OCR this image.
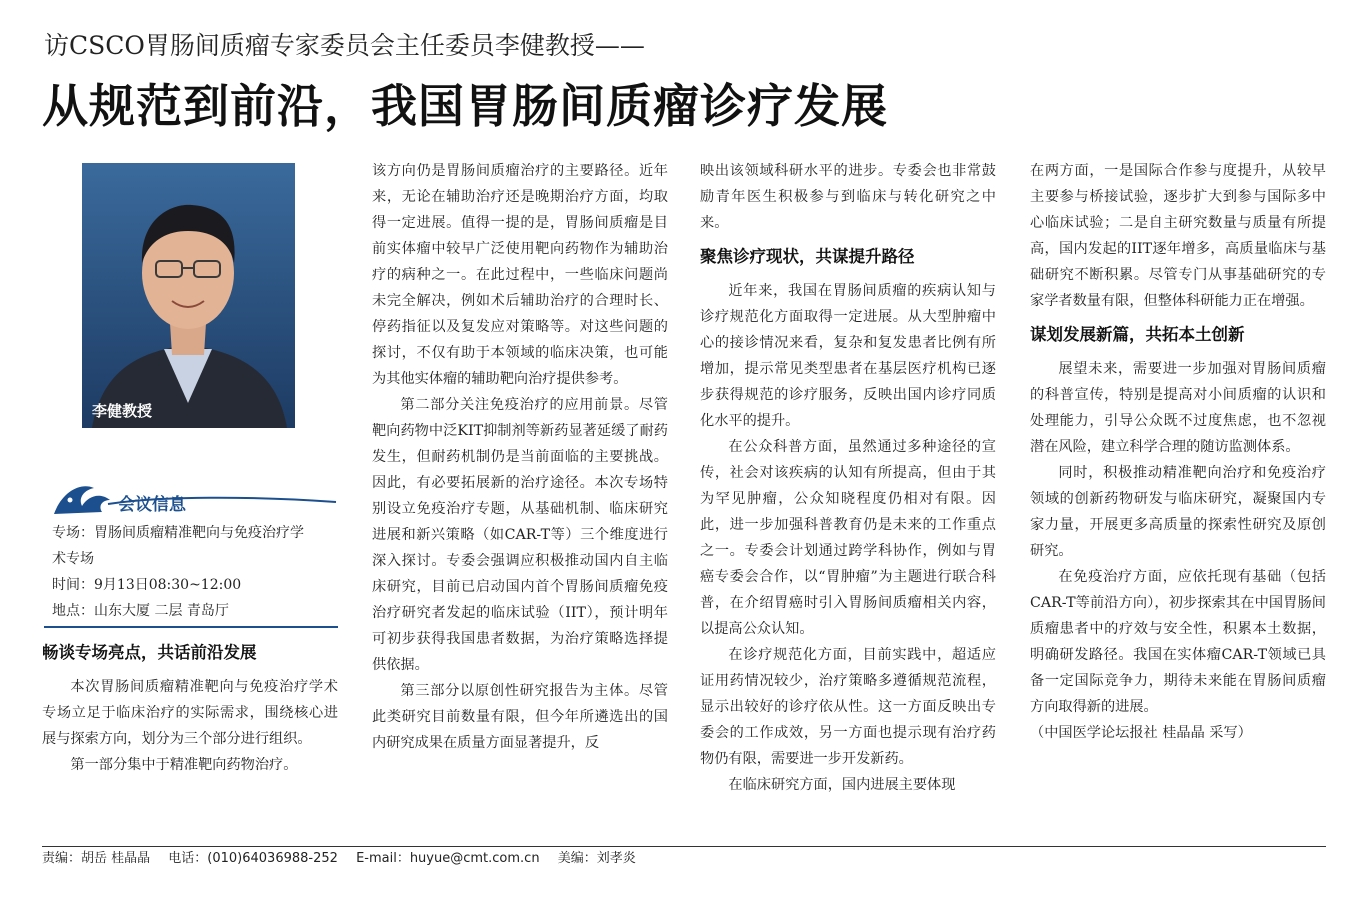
访CSCO胃肠间质瘤专家委员会主任委员李健教授——
从规范到前沿，我国胃肠间质瘤诊疗发展
李健教授
会议信息
专场：胃肠间质瘤精准靶向与免疫治疗学
术专场
时间：9月13日08:30~12:00
地点：山东大厦 二层 青岛厅
畅谈专场亮点，共话前沿发展

本次胃肠间质瘤精准靶向与免疫治疗学术专场立足于临床治疗的实际需求，围绕核心进展与探索方向，划分为三个部分进行组织。

第一部分集中于精准靶向药物治疗。

该方向仍是胃肠间质瘤治疗的主要路径。近年来，无论在辅助治疗还是晚期治疗方面，均取得一定进展。值得一提的是，胃肠间质瘤是目前实体瘤中较早广泛使用靶向药物作为辅助治疗的病种之一。在此过程中，一些临床问题尚未完全解决，例如术后辅助治疗的合理时长、停药指征以及复发应对策略等。对这些问题的探讨，不仅有助于本领域的临床决策，也可能为其他实体瘤的辅助靶向治疗提供参考。

第二部分关注免疫治疗的应用前景。尽管靶向药物中泛KIT抑制剂等新药显著延缓了耐药发生，但耐药机制仍是当前面临的主要挑战。因此，有必要拓展新的治疗途径。本次专场特别设立免疫治疗专题，从基础机制、临床研究进展和新兴策略（如CAR-T等）三个维度进行深入探讨。专委会强调应积极推动国内自主临床研究，目前已启动国内首个胃肠间质瘤免疫治疗研究者发起的临床试验（IIT），预计明年可初步获得我国患者数据，为治疗策略选择提供依据。

第三部分以原创性研究报告为主体。尽管此类研究目前数量有限，但今年所遴选出的国内研究成果在质量方面显著提升，反

映出该领域科研水平的进步。专委会也非常鼓励青年医生积极参与到临床与转化研究之中来。

聚焦诊疗现状，共谋提升路径

近年来，我国在胃肠间质瘤的疾病认知与诊疗规范化方面取得一定进展。从大型肿瘤中心的接诊情况来看，复杂和复发患者比例有所增加，提示常见类型患者在基层医疗机构已逐步获得规范的诊疗服务，反映出国内诊疗同质化水平的提升。

在公众科普方面，虽然通过多种途径的宣传，社会对该疾病的认知有所提高，但由于其为罕见肿瘤，公众知晓程度仍相对有限。因此，进一步加强科普教育仍是未来的工作重点之一。专委会计划通过跨学科协作，例如与胃癌专委会合作，以“胃肿瘤”为主题进行联合科普，在介绍胃癌时引入胃肠间质瘤相关内容，以提高公众认知。

在诊疗规范化方面，目前实践中，超适应证用药情况较少，治疗策略多遵循规范流程，显示出较好的诊疗依从性。这一方面反映出专委会的工作成效，另一方面也提示现有治疗药物仍有限，需要进一步开发新药。

在临床研究方面，国内进展主要体现

在两方面，一是国际合作参与度提升，从较早主要参与桥接试验，逐步扩大到参与国际多中心临床试验；二是自主研究数量与质量有所提高，国内发起的IIT逐年增多，高质量临床与基础研究不断积累。尽管专门从事基础研究的专家学者数量有限，但整体科研能力正在增强。

谋划发展新篇，共拓本土创新

展望未来，需要进一步加强对胃肠间质瘤的科普宣传，特别是提高对小间质瘤的认识和处理能力，引导公众既不过度焦虑，也不忽视潜在风险，建立科学合理的随访监测体系。

同时，积极推动精准靶向治疗和免疫治疗领域的创新药物研发与临床研究，凝聚国内专家力量，开展更多高质量的探索性研究及原创研究。

在免疫治疗方面，应依托现有基础（包括CAR-T等前沿方向），初步探索其在中国胃肠间质瘤患者中的疗效与安全性，积累本土数据，明确研发路径。我国在实体瘤CAR-T领域已具备一定国际竞争力，期待未来能在胃肠间质瘤方向取得新的进展。

（中国医学论坛报社 桂晶晶 采写）

责编：胡岳 桂晶晶 电话：(010)64036988-252 E-mail：huyue@cmt.com.cn 美编：刘孝炎
